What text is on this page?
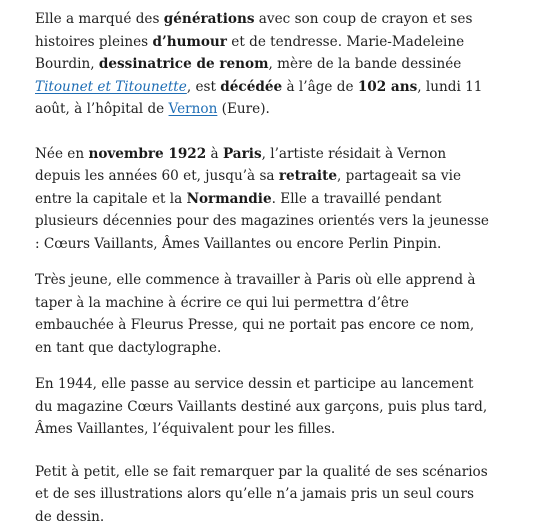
Elle a marqué des générations avec son coup de crayon et ses histoires pleines d’humour et de tendresse. Marie-Madeleine Bourdin, dessinatrice de renom, mère de la bande dessinée Titounet et Titounette, est décédée à l’âge de 102 ans, lundi 11 août, à l’hôpital de Vernon (Eure).

Née en novembre 1922 à Paris, l’artiste résidait à Vernon depuis les années 60 et, jusqu’à sa retraite, partageait sa vie entre la capitale et la Normandie. Elle a travaillé pendant plusieurs décennies pour des magazines orientés vers la jeunesse : Cœurs Vaillants, Âmes Vaillantes ou encore Perlin Pinpin.

Très jeune, elle commence à travailler à Paris où elle apprend à taper à la machine à écrire ce qui lui permettra d’être embauchée à Fleurus Presse, qui ne portait pas encore ce nom, en tant que dactylographe.

En 1944, elle passe au service dessin et participe au lancement du magazine Cœurs Vaillants destiné aux garçons, puis plus tard, Âmes Vaillantes, l’équivalent pour les filles.

Petit à petit, elle se fait remarquer par la qualité de ses scénarios et de ses illustrations alors qu’elle n’a jamais pris un seul cours de dessin.
